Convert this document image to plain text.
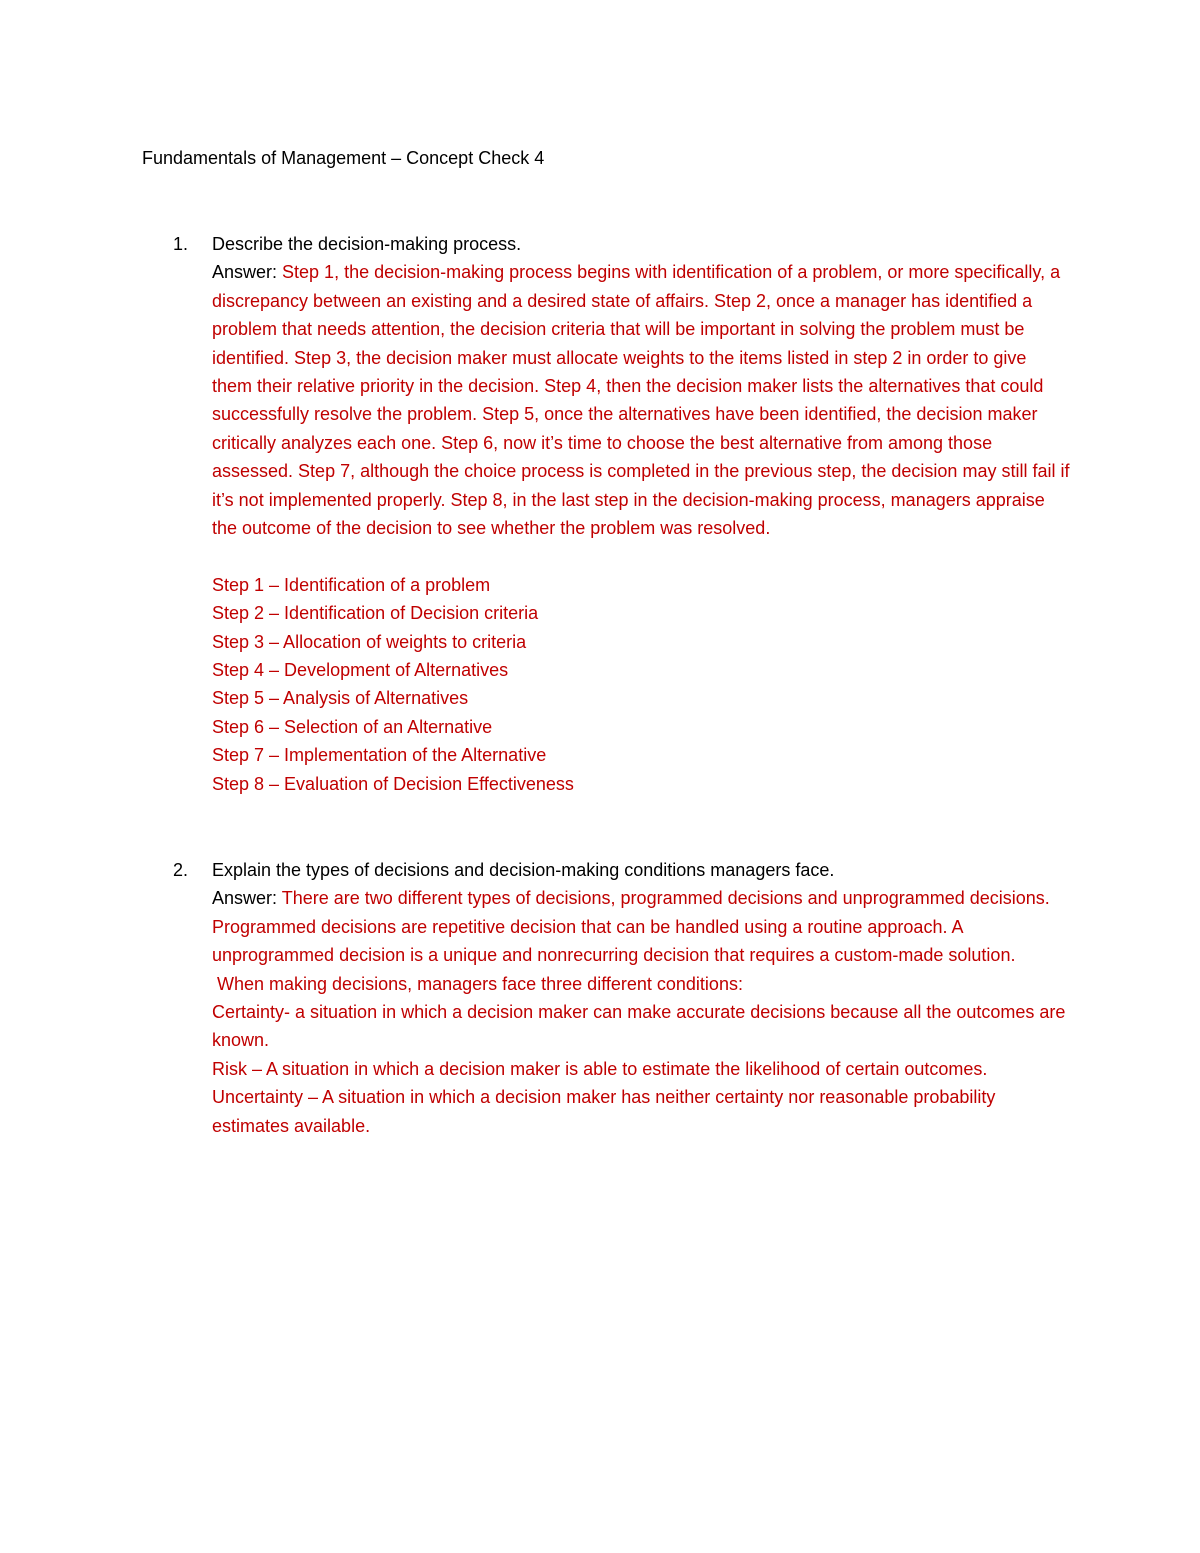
Fundamentals of Management – Concept Check 4
1. Describe the decision-making process.

Answer: Step 1, the decision-making process begins with identification of a problem, or more specifically, a discrepancy between an existing and a desired state of affairs. Step 2, once a manager has identified a problem that needs attention, the decision criteria that will be important in solving the problem must be identified. Step 3, the decision maker must allocate weights to the items listed in step 2 in order to give them their relative priority in the decision. Step 4, then the decision maker lists the alternatives that could successfully resolve the problem. Step 5, once the alternatives have been identified, the decision maker critically analyzes each one. Step 6, now it’s time to choose the best alternative from among those assessed. Step 7, although the choice process is completed in the previous step, the decision may still fail if it’s not implemented properly. Step 8, in the last step in the decision-making process, managers appraise the outcome of the decision to see whether the problem was resolved.

Step 1 – Identification of a problem
Step 2 – Identification of Decision criteria
Step 3 – Allocation of weights to criteria
Step 4 – Development of Alternatives
Step 5 – Analysis of Alternatives
Step 6 – Selection of an Alternative
Step 7 – Implementation of the Alternative
Step 8 – Evaluation of Decision Effectiveness
2. Explain the types of decisions and decision-making conditions managers face.

Answer: There are two different types of decisions, programmed decisions and unprogrammed decisions. Programmed decisions are repetitive decision that can be handled using a routine approach. A unprogrammed decision is a unique and nonrecurring decision that requires a custom-made solution.

When making decisions, managers face three different conditions:

Certainty- a situation in which a decision maker can make accurate decisions because all the outcomes are known.

Risk – A situation in which a decision maker is able to estimate the likelihood of certain outcomes.

Uncertainty – A situation in which a decision maker has neither certainty nor reasonable probability estimates available.
